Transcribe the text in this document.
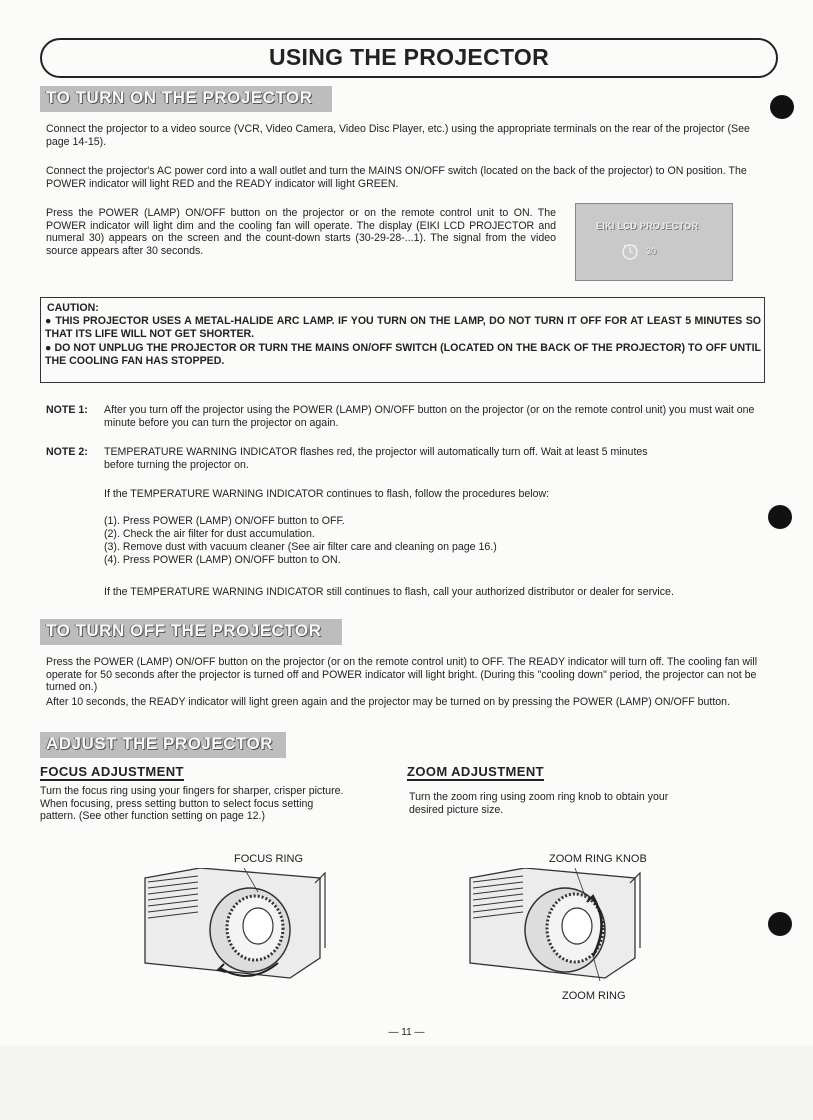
USING THE PROJECTOR
TO TURN ON THE PROJECTOR
Connect the projector to a video source (VCR, Video Camera, Video Disc Player, etc.) using the appropriate terminals on the rear of the projector (See page 14-15).
Connect the projector's AC power cord into a wall outlet and turn the MAINS ON/OFF switch (located on the back of the projector) to ON position. The POWER indicator will light RED and the READY indicator will light GREEN.
Press the POWER (LAMP) ON/OFF button on the projector or on the remote control unit to ON. The POWER indicator will light dim and the cooling fan will operate. The display (EIKI LCD PROJECTOR and numeral 30) appears on the screen and the count-down starts (30-29-28-...1). The signal from the video source appears after 30 seconds.
EIKI LCD PROJECTOR
30
CAUTION:
● THIS PROJECTOR USES A METAL-HALIDE ARC LAMP. IF YOU TURN ON THE LAMP, DO NOT TURN IT OFF FOR AT LEAST 5 MINUTES SO THAT ITS LIFE WILL NOT GET SHORTER.
● DO NOT UNPLUG THE PROJECTOR OR TURN THE MAINS ON/OFF SWITCH (LOCATED ON THE BACK OF THE PROJECTOR) TO OFF UNTIL THE COOLING FAN HAS STOPPED.
NOTE 1: After you turn off the projector using the POWER (LAMP) ON/OFF button on the projector (or on the remote control unit) you must wait one minute before you can turn the projector on again.
NOTE 2: TEMPERATURE WARNING INDICATOR flashes red, the projector will automatically turn off. Wait at least 5 minutes before turning the projector on.
If the TEMPERATURE WARNING INDICATOR continues to flash, follow the procedures below:
(1). Press POWER (LAMP) ON/OFF button to OFF.
(2). Check the air filter for dust accumulation.
(3). Remove dust with vacuum cleaner (See air filter care and cleaning on page 16.)
(4). Press POWER (LAMP) ON/OFF button to ON.
If the TEMPERATURE WARNING INDICATOR still continues to flash, call your authorized distributor or dealer for service.
TO TURN OFF THE PROJECTOR
Press the POWER (LAMP) ON/OFF button on the projector (or on the remote control unit) to OFF. The READY indicator will turn off. The cooling fan will operate for 50 seconds after the projector is turned off and POWER indicator will light bright. (During this "cooling down" period, the projector can not be turned on.)
After 10 seconds, the READY indicator will light green again and the projector may be turned on by pressing the POWER (LAMP) ON/OFF button.
ADJUST THE PROJECTOR
FOCUS ADJUSTMENT
Turn the focus ring using your fingers for sharper, crisper picture. When focusing, press setting button to select focus setting pattern. (See other function setting on page 12.)
ZOOM ADJUSTMENT
Turn the zoom ring using zoom ring knob to obtain your desired picture size.
FOCUS RING	ZOOM RING KNOB
ZOOM RING
— 11 —
